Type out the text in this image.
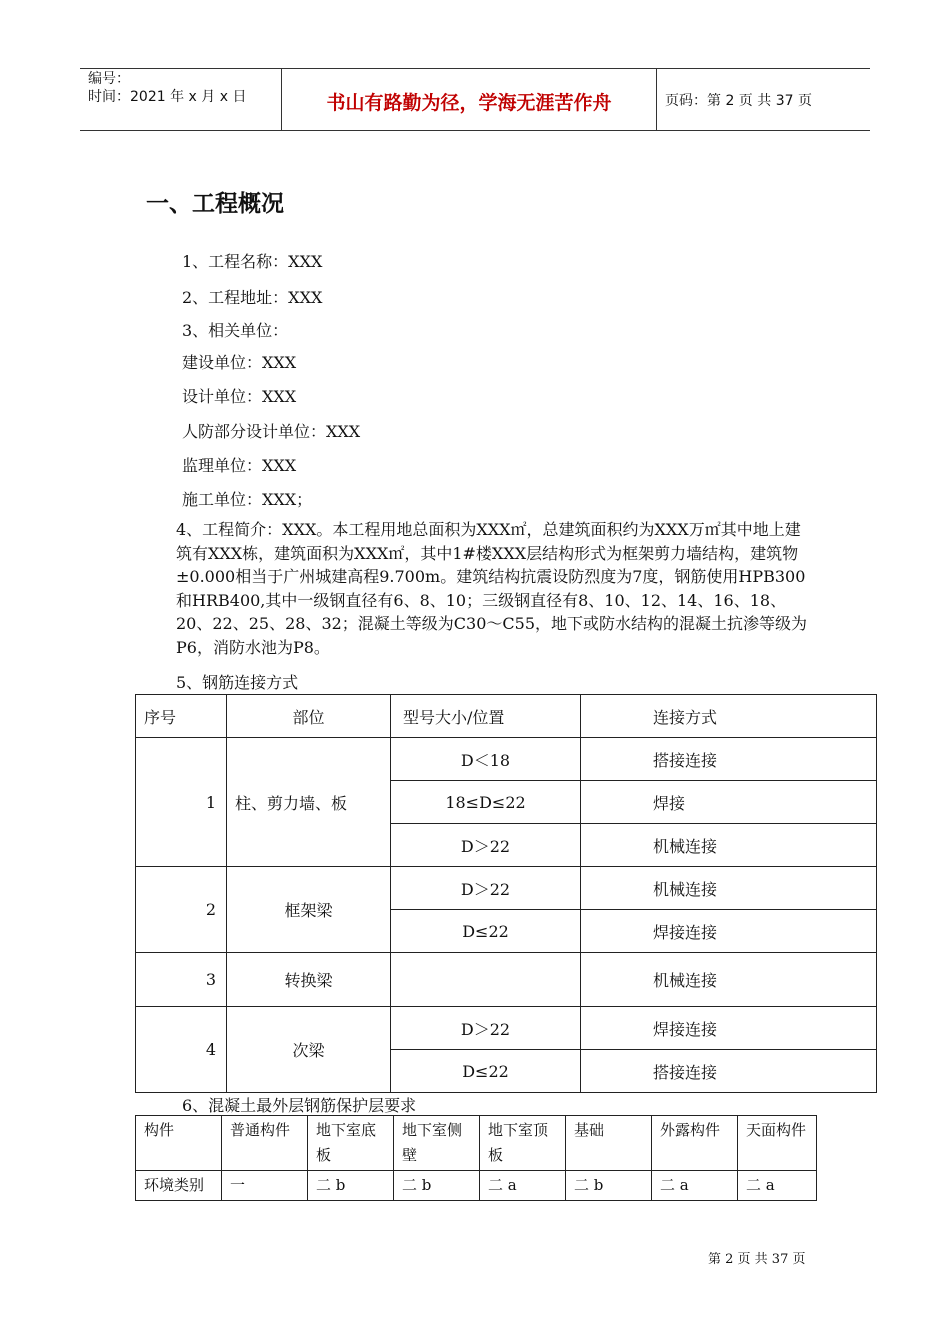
编号：
时间：2021 年 x 月 x 日	书山有路勤为径，学海无涯苦作舟	页码：第 2 页 共 37 页
一、工程概况
1、工程名称：XXX
2、工程地址：XXX
3、相关单位：
建设单位：XXX
设计单位：XXX
人防部分设计单位：XXX
监理单位：XXX
施工单位：XXX；
4、工程简介：XXX。本工程用地总面积为XXX㎡，总建筑面积约为XXX万㎡其中地上建筑有XXX栋，建筑面积为XXX㎡，其中1#楼XXX层结构形式为框架剪力墙结构，建筑物±0.000相当于广州城建高程9.700m。建筑结构抗震设防烈度为7度，钢筋使用HPB300和HRB400,其中一级钢直径有6、8、10；三级钢直径有8、10、12、14、16、18、20、22、25、28、32；混凝土等级为C30～C55，地下或防水结构的混凝土抗渗等级为P6，消防水池为P8。
5、钢筋连接方式
序号	部位	型号大小/位置	连接方式
1	柱、剪力墙、板	D＜18	搭接连接
		18≤D≤22	焊接
		D＞22	机械连接
2	框架梁	D＞22	机械连接
		D≤22	焊接连接
3	转换梁		机械连接
4	次梁	D＞22	焊接连接
		D≤22	搭接连接
6、混凝土最外层钢筋保护层要求
构件	普通构件	地下室底板	地下室侧壁	地下室顶板	基础	外露构件	天面构件
环境类别	一	二 b	二 b	二 a	二 b	二 a	二 a
第 2 页 共 37 页
